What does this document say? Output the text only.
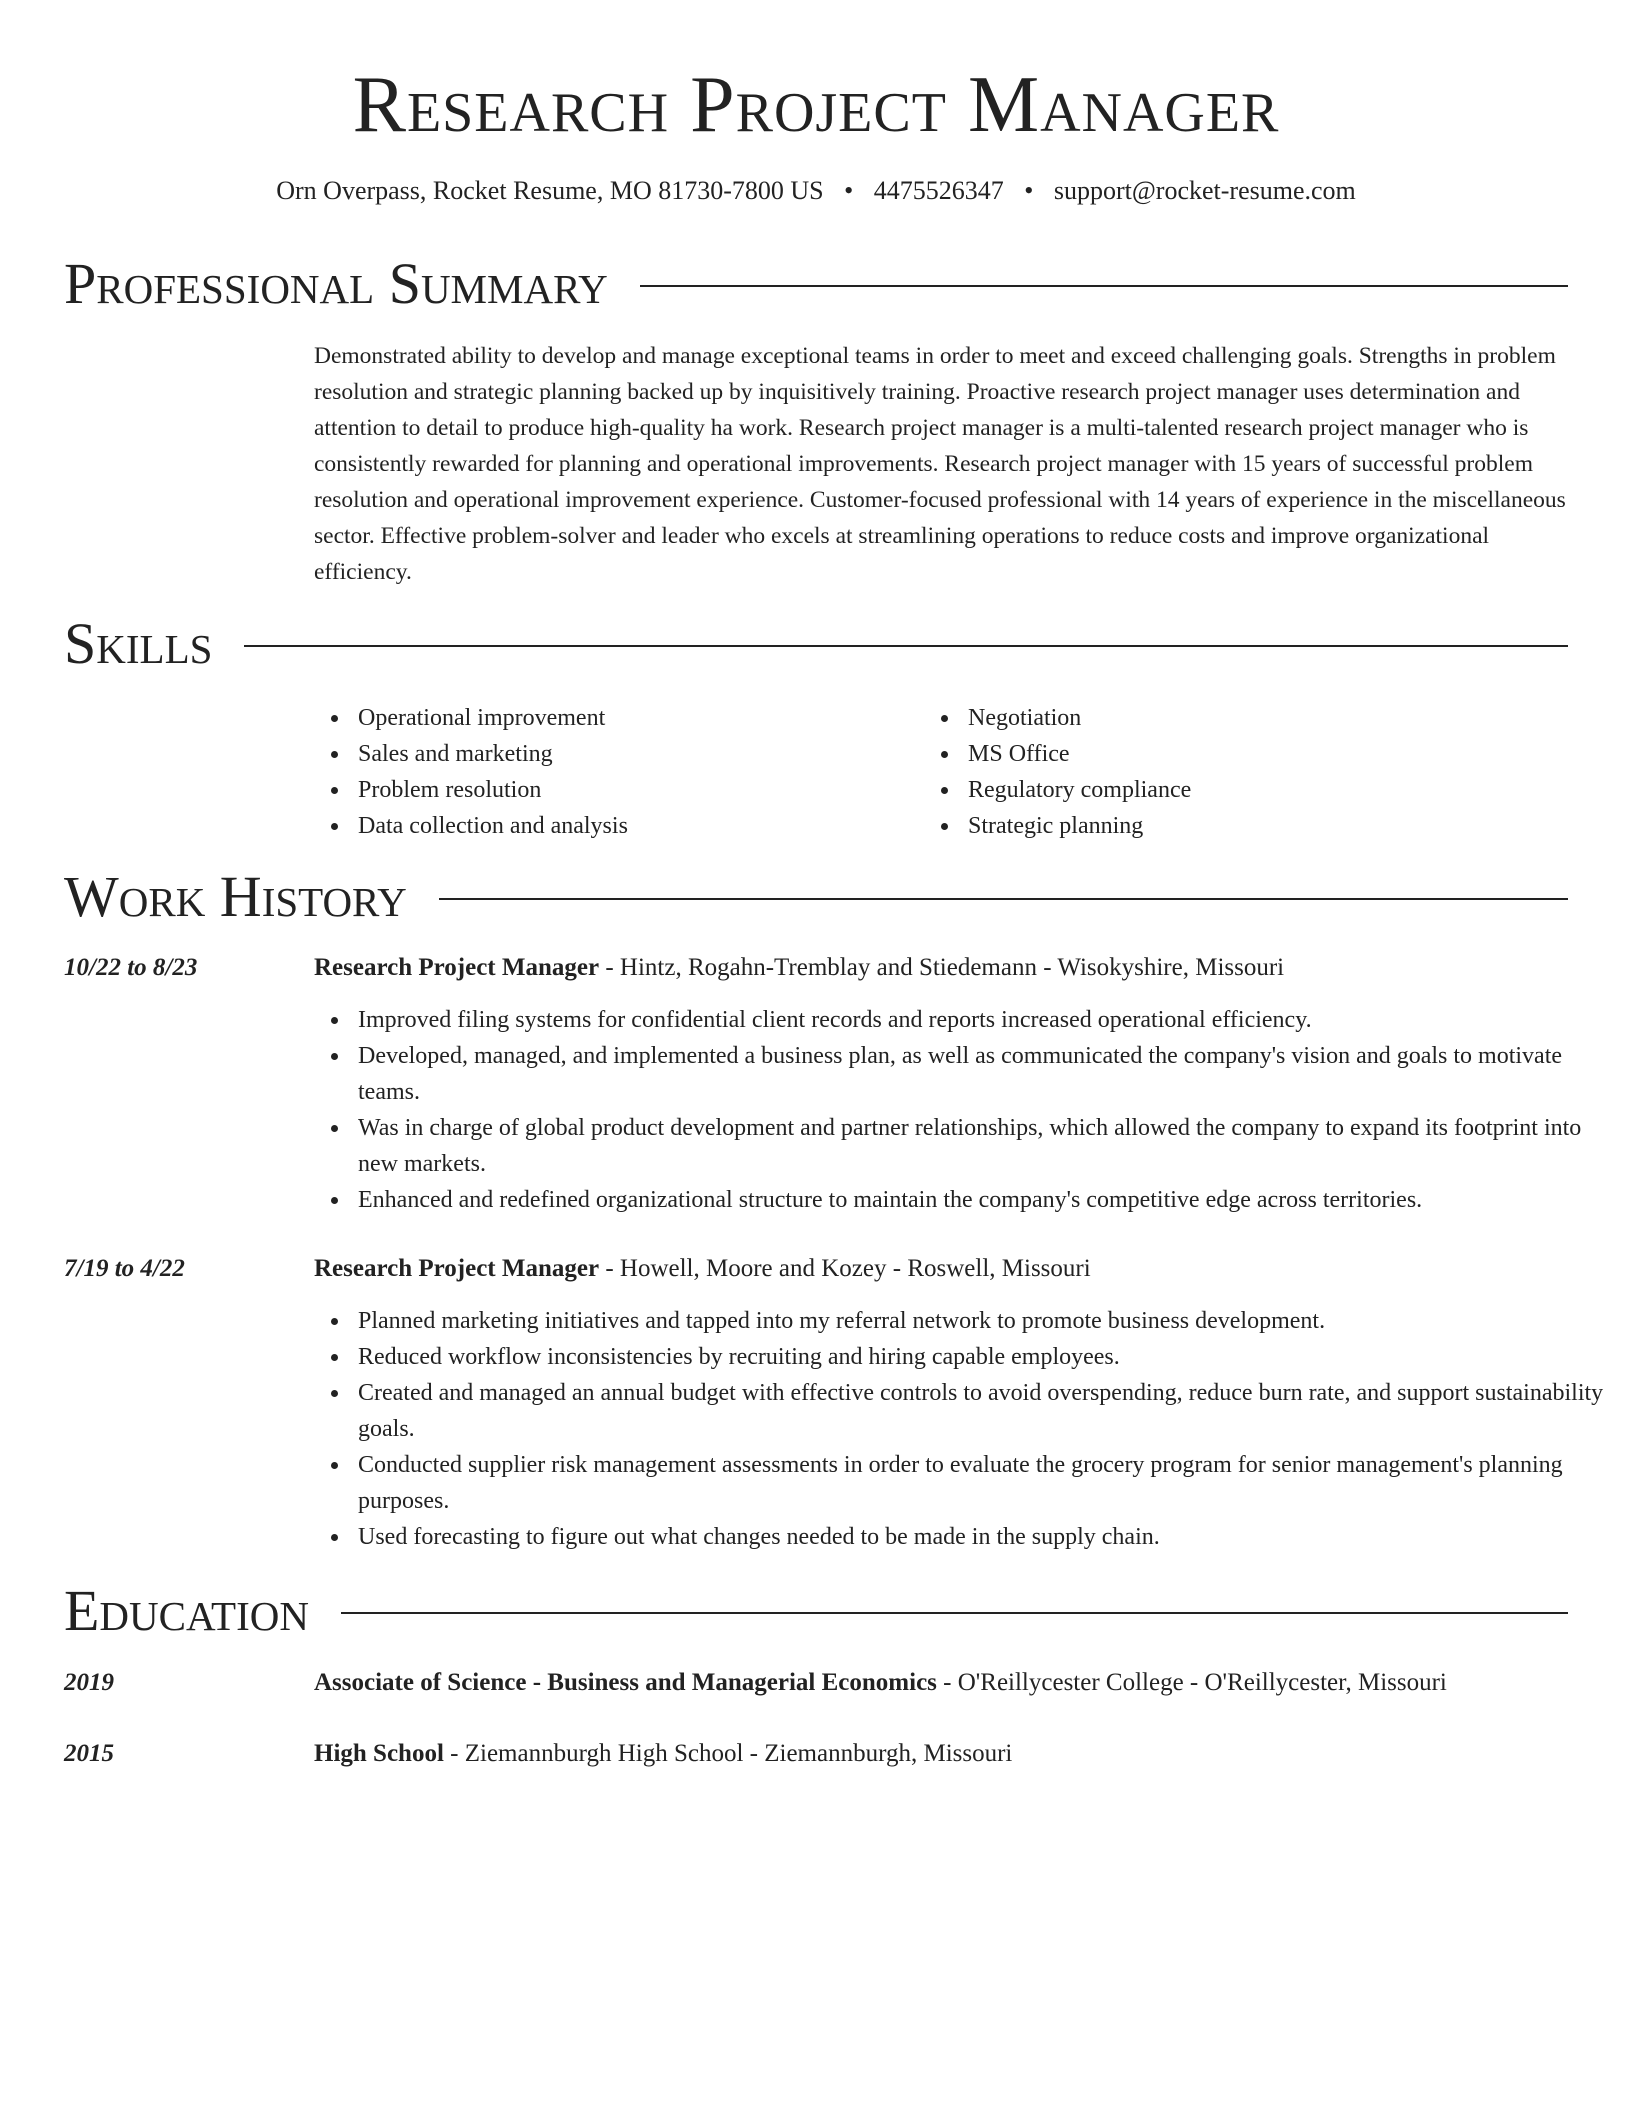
Research Project Manager
Orn Overpass, Rocket Resume, MO 81730-7800 US • 4475526347 • support@rocket-resume.com
Professional Summary

Demonstrated ability to develop and manage exceptional teams in order to meet and exceed challenging goals. Strengths in problem resolution and strategic planning backed up by inquisitively training. Proactive research project manager uses determination and attention to detail to produce high-quality ha work. Research project manager is a multi-talented research project manager who is consistently rewarded for planning and operational improvements. Research project manager with 15 years of successful problem resolution and operational improvement experience. Customer-focused professional with 14 years of experience in the miscellaneous sector. Effective problem-solver and leader who excels at streamlining operations to reduce costs and improve organizational efficiency.

Skills
Operational improvement
Sales and marketing
Problem resolution
Data collection and analysis
Negotiation
MS Office
Regulatory compliance
Strategic planning
Work History
10/22 to 8/23	Research Project Manager - Hintz, Rogahn-Tremblay and Stiedemann - Wisokyshire, Missouri
Improved filing systems for confidential client records and reports increased operational efficiency.
Developed, managed, and implemented a business plan, as well as communicated the company's vision and goals to motivate teams.
Was in charge of global product development and partner relationships, which allowed the company to expand its footprint into new markets.
Enhanced and redefined organizational structure to maintain the company's competitive edge across territories.
7/19 to 4/22	Research Project Manager - Howell, Moore and Kozey - Roswell, Missouri
Planned marketing initiatives and tapped into my referral network to promote business development.
Reduced workflow inconsistencies by recruiting and hiring capable employees.
Created and managed an annual budget with effective controls to avoid overspending, reduce burn rate, and support sustainability goals.
Conducted supplier risk management assessments in order to evaluate the grocery program for senior management's planning purposes.
Used forecasting to figure out what changes needed to be made in the supply chain.
Education
2019	Associate of Science - Business and Managerial Economics - O'Reillycester College - O'Reillycester, Missouri
2015	High School - Ziemannburgh High School - Ziemannburgh, Missouri
